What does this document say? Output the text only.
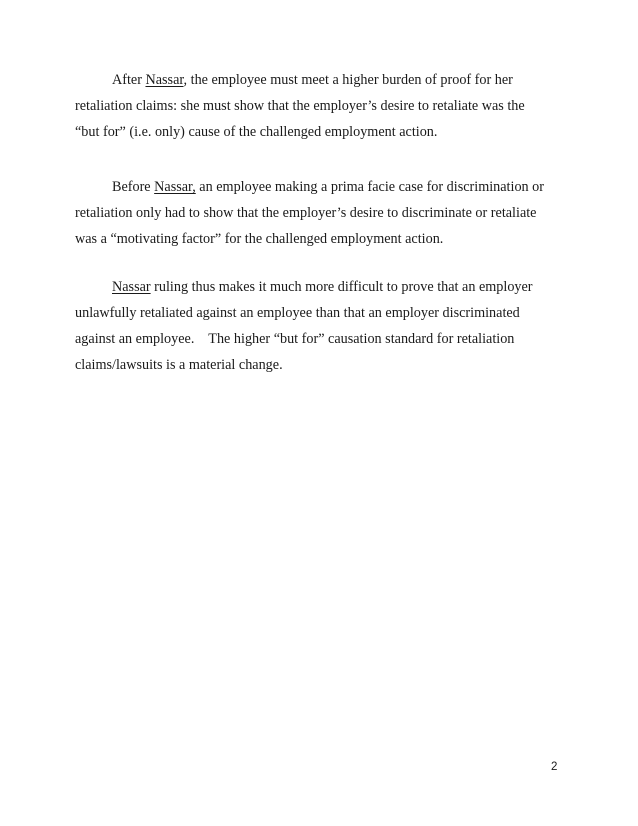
After Nassar, the employee must meet a higher burden of proof for her
retaliation claims: she must show that the employer’s desire to retaliate was the
“but for” (i.e. only) cause of the challenged employment action.
Before Nassar, an employee making a prima facie case for discrimination or
retaliation only had to show that the employer’s desire to discriminate or retaliate
was a “motivating factor” for the challenged employment action.
Nassar ruling thus makes it much more difficult to prove that an employer
unlawfully retaliated against an employee than that an employer discriminated
against an employee.    The higher “but for” causation standard for retaliation
claims/lawsuits is a material change.
2
